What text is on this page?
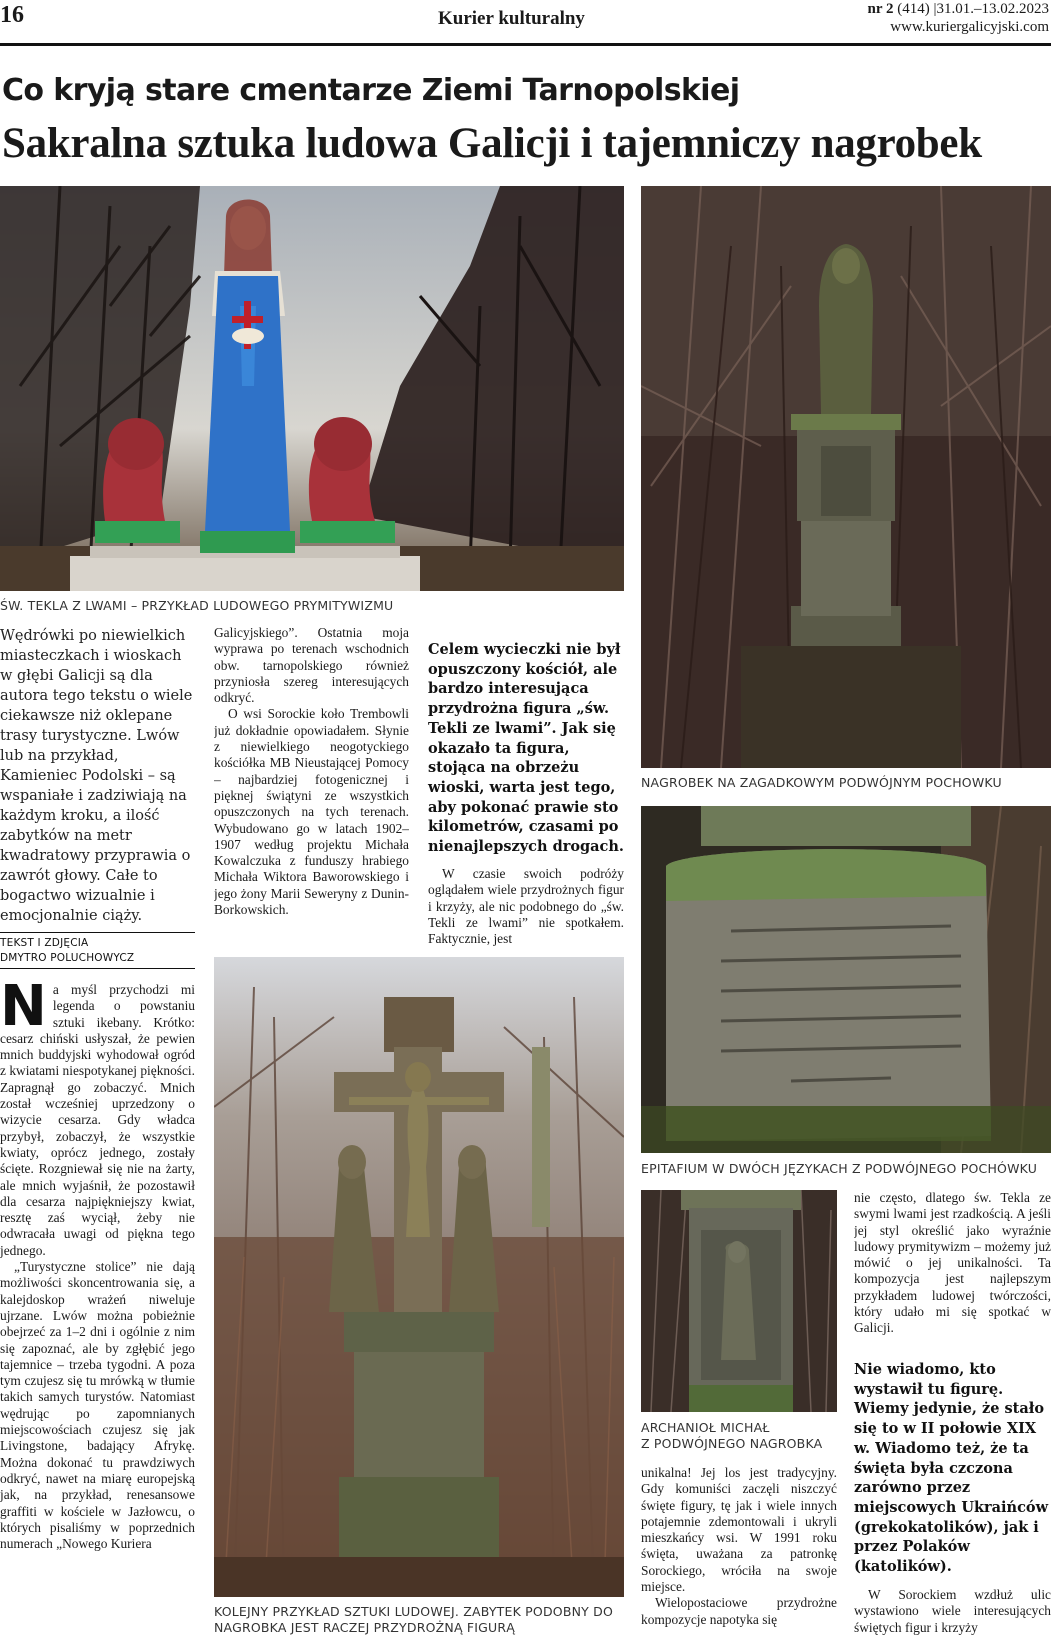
16	Kurier kulturalny	nr 2 (414) |31.01.–13.02.2023
www.kuriergalicyjski.com
Co kryją stare cmentarze Ziemi Tarnopolskiej
Sakralna sztuka ludowa Galicji i tajemniczy nagrobek
ŚW. TEKLA Z LWAMI – PRZYKŁAD LUDOWEGO PRYMITYWIZMU
NAGROBEK NA ZAGADKOWYM PODWÓJNYM POCHOWKU
EPITAFIUM W DWÓCH JĘZYKACH Z PODWÓJNEGO POCHÓWKU
ARCHANIOŁ MICHAŁ
Z PODWÓJNEGO NAGROBKA
KOLEJNY PRZYKŁAD SZTUKI LUDOWEJ. ZABYTEK PODOBNY DO
NAGROBKA JEST RACZEJ PRZYDROŻNĄ FIGURĄ
Wędrówki po niewielkich miasteczkach i wioskach w głębi Galicji są dla autora tego tekstu o wiele ciekawsze niż oklepane trasy turystyczne. Lwów lub na przykład, Kamieniec Podolski – są wspaniałe i zadziwiają na każdym kroku, a ilość zabytków na metr kwadratowy przyprawia o zawrót głowy. Całe to bogactwo wizualnie i emocjonalnie ciąży.
TEKST I ZDJĘCIA
DMYTRO POLUCHOWYCZ

Na myśl przychodzi mi legenda o powstaniu sztuki ikebany. Krótko: cesarz chiński usłyszał, że pewien mnich buddyjski wyhodował ogród z kwiatami niespotykanej piękności. Zapragnął go zobaczyć. Mnich został wcześniej uprzedzony o wizycie cesarza. Gdy władca przybył, zobaczył, że wszystkie kwiaty, oprócz jednego, zostały ścięte. Rozgniewał się nie na żarty, ale mnich wyjaśnił, że pozostawił dla cesarza najpiękniejszy kwiat, resztę zaś wyciął, żeby nie odwracała uwagi od piękna tego jednego.

„Turystyczne stolice” nie dają możliwości skoncentrowania się, a kalejdoskop wrażeń niweluje ujrzane. Lwów można pobieżnie obejrzeć za 1–2 dni i ogólnie z nim się zapoznać, ale by zgłębić jego tajemnice – trzeba tygodni. A poza tym czujesz się tu mrówką w tłumie takich samych turystów. Natomiast wędrując po zapomnianych miejscowościach czujesz się jak Livingstone, badający Afrykę. Można dokonać tu prawdziwych odkryć, nawet na miarę europejską jak, na przykład, renesansowe graffiti w kościele w Jazłowcu, o których pisaliśmy w poprzednich numerach „Nowego Kuriera

Galicyjskiego”. Ostatnia moja wyprawa po terenach wschodnich obw. tarnopolskiego również przyniosła szereg interesujących odkryć.

O wsi Sorockie koło Trembowli już dokładnie opowiadałem. Słynie z niewielkiego neogotyckiego kościółka MB Nieustającej Pomocy – najbardziej fotogenicznej i pięknej świątyni ze wszystkich opuszczonych na tych terenach. Wybudowano go w latach 1902–1907 według projektu Michała Kowalczuka z funduszy hrabiego Michała Wiktora Baworowskiego i jego żony Marii Seweryny z Dunin-Borkowskich.

Celem wycieczki nie był opuszczony kościół, ale bardzo interesująca przydrożna figura „św. Tekli ze lwami”. Jak się okazało ta figura, stojąca na obrzeżu wioski, warta jest tego, aby pokonać prawie sto kilometrów, czasami po nienajlepszych drogach.

W czasie swoich podróży oglądałem wiele przydrożnych figur i krzyży, ale nic podobnego do „św. Tekli ze lwami” nie spotkałem. Faktycznie, jest

unikalna! Jej los jest tradycyjny. Gdy komuniści zaczęli niszczyć święte figury, tę jak i wiele innych potajemnie zdemontowali i ukryli mieszkańcy wsi. W 1991 roku święta, uważana za patronkę Sorockiego, wróciła na swoje miejsce.

Wielopostaciowe przydrożne kompozycje napotyka się

nie często, dlatego św. Tekla ze swymi lwami jest rzadkością. A jeśli jej styl określić jako wyraźnie ludowy prymitywizm – możemy już mówić o jej unikalności. Ta kompozycja jest najlepszym przykładem ludowej twórczości, który udało mi się spotkać w Galicji.

Nie wiadomo, kto wystawił tu figurę. Wiemy jedynie, że stało się to w II połowie XIX w. Wiadomo też, że ta święta była czczona zarówno przez miejscowych Ukraińców (grekokatolików), jak i przez Polaków (katolików).

W Sorockiem wzdłuż ulic wystawiono wiele interesujących świętych figur i krzyży
